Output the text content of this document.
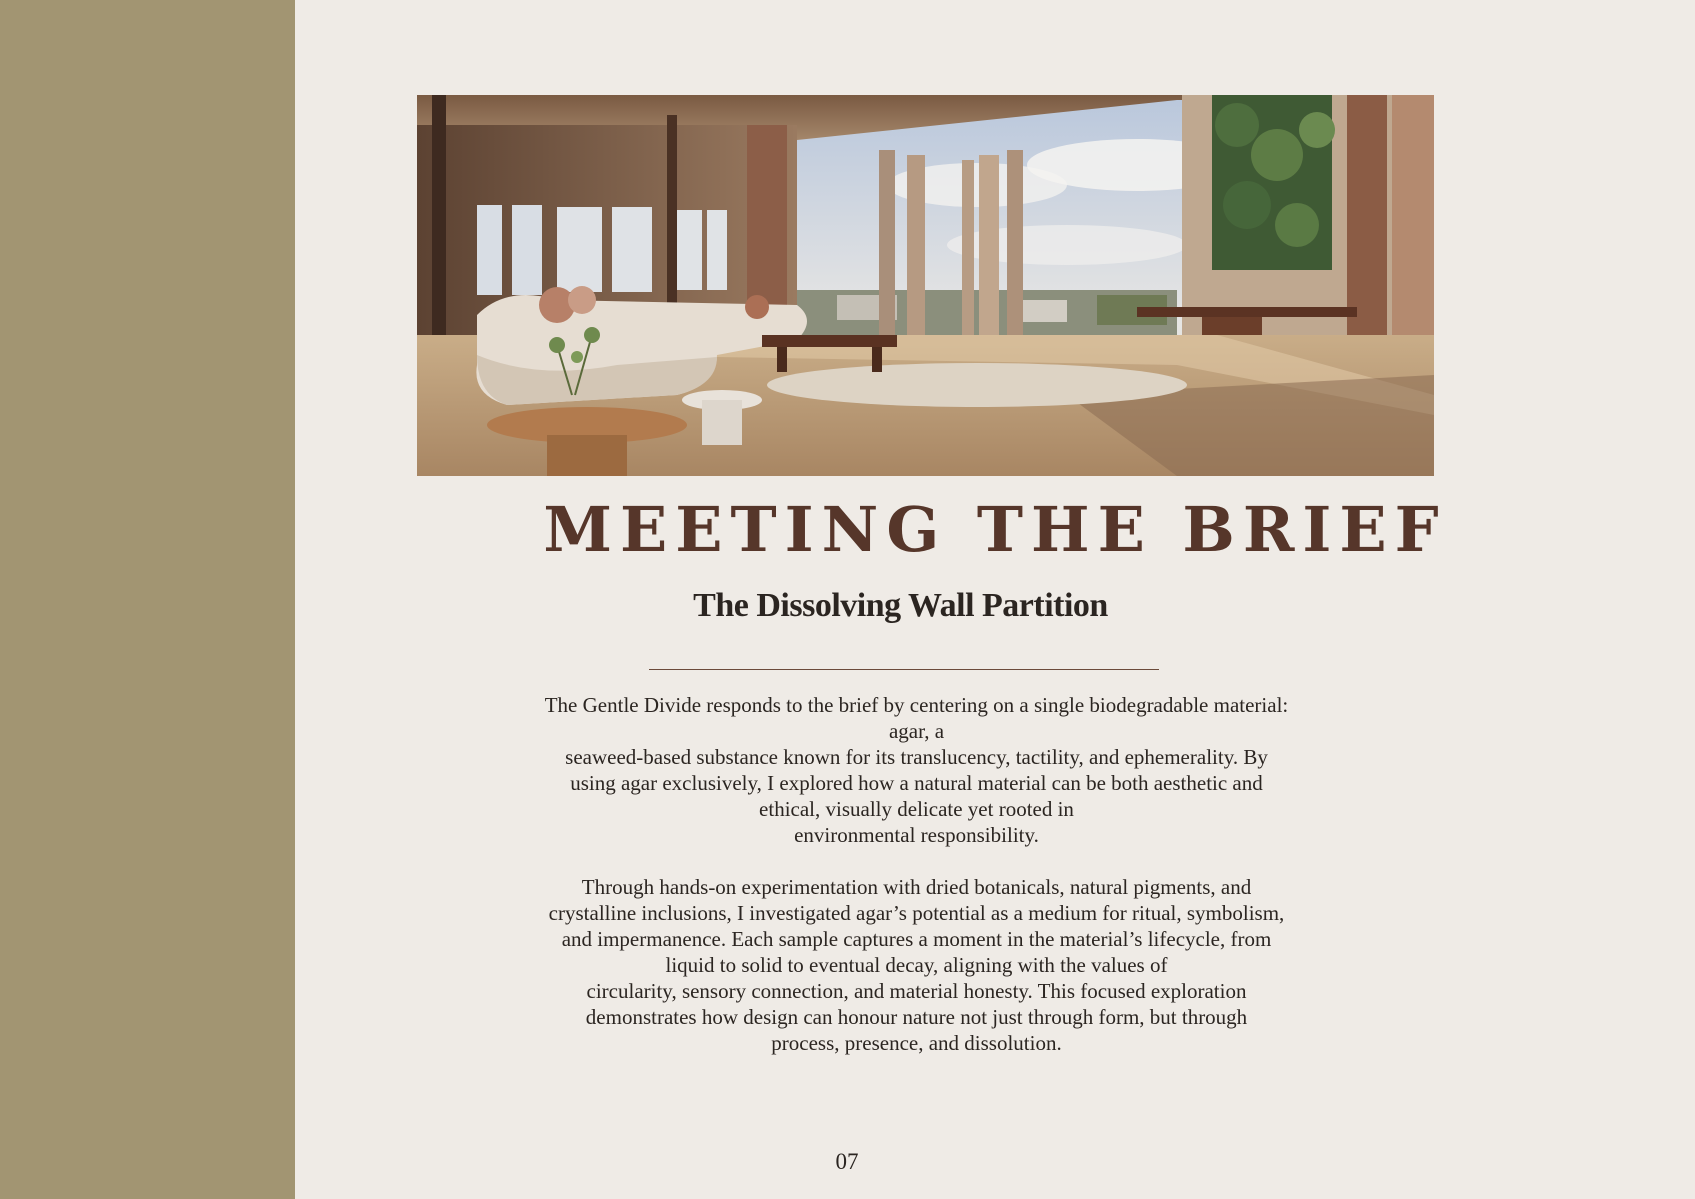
MEETING THE BRIEF
The Dissolving Wall Partition

The Gentle Divide responds to the brief by centering on a single biodegradable material:
agar, a
seaweed-based substance known for its translucency, tactility, and ephemerality. By
using agar exclusively, I explored how a natural material can be both aesthetic and
ethical, visually delicate yet rooted in
environmental responsibility.

Through hands-on experimentation with dried botanicals, natural pigments, and
crystalline inclusions, I investigated agar’s potential as a medium for ritual, symbolism,
and impermanence. Each sample captures a moment in the material’s lifecycle, from
liquid to solid to eventual decay, aligning with the values of
circularity, sensory connection, and material honesty. This focused exploration
demonstrates how design can honour nature not just through form, but through
process, presence, and dissolution.

07
